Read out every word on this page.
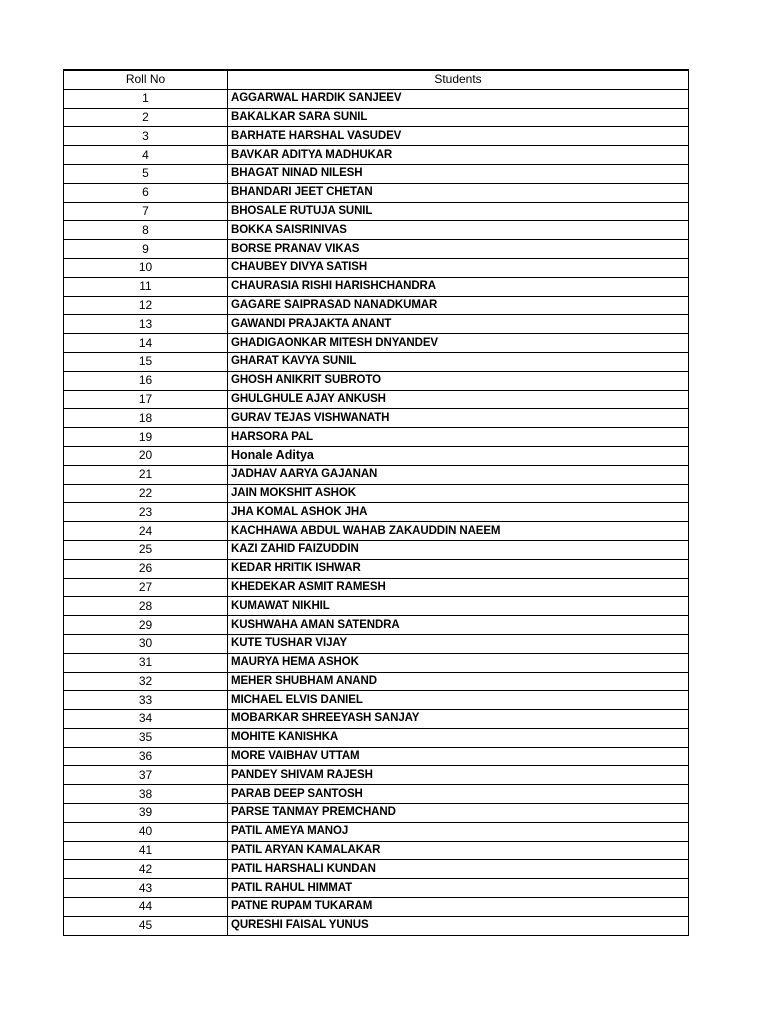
Roll No	Students
1	AGGARWAL HARDIK SANJEEV
2	BAKALKAR SARA SUNIL
3	BARHATE HARSHAL VASUDEV
4	BAVKAR ADITYA MADHUKAR
5	BHAGAT NINAD NILESH
6	BHANDARI JEET CHETAN
7	BHOSALE RUTUJA SUNIL
8	BOKKA SAISRINIVAS
9	BORSE PRANAV VIKAS
10	CHAUBEY DIVYA SATISH
11	CHAURASIA RISHI HARISHCHANDRA
12	GAGARE SAIPRASAD NANADKUMAR
13	GAWANDI PRAJAKTA ANANT
14	GHADIGAONKAR MITESH DNYANDEV
15	GHARAT KAVYA SUNIL
16	GHOSH ANIKRIT SUBROTO
17	GHULGHULE AJAY ANKUSH
18	GURAV TEJAS VISHWANATH
19	HARSORA PAL
20	Honale Aditya
21	JADHAV AARYA GAJANAN
22	JAIN MOKSHIT ASHOK
23	JHA KOMAL ASHOK JHA
24	KACHHAWA ABDUL WAHAB ZAKAUDDIN NAEEM
25	KAZI ZAHID FAIZUDDIN
26	KEDAR HRITIK ISHWAR
27	KHEDEKAR ASMIT RAMESH
28	KUMAWAT NIKHIL
29	KUSHWAHA AMAN SATENDRA
30	KUTE TUSHAR VIJAY
31	MAURYA HEMA ASHOK
32	MEHER SHUBHAM ANAND
33	MICHAEL ELVIS DANIEL
34	MOBARKAR SHREEYASH SANJAY
35	MOHITE KANISHKA
36	MORE VAIBHAV UTTAM
37	PANDEY SHIVAM RAJESH
38	PARAB DEEP SANTOSH
39	PARSE TANMAY PREMCHAND
40	PATIL AMEYA MANOJ
41	PATIL ARYAN KAMALAKAR
42	PATIL HARSHALI KUNDAN
43	PATIL RAHUL HIMMAT
44	PATNE RUPAM TUKARAM
45	QURESHI FAISAL YUNUS
